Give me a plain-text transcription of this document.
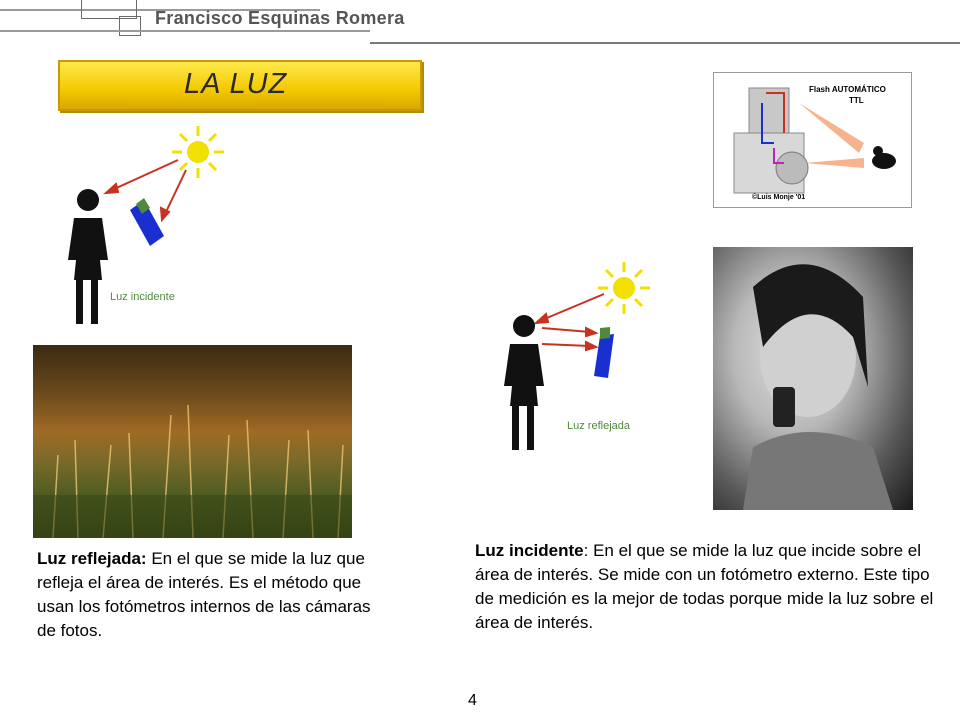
Francisco Esquinas Romera
LA LUZ
Luz incidente
Flash AUTOMÁTICO
TTL
©Luis Monje '01
Luz reflejada
Luz reflejada: En el que se mide la luz que refleja el área de interés. Es el método que usan los fotómetros internos de las cámaras de fotos.
Luz incidente: En el que se mide la luz que incide sobre el área de interés. Se mide con un fotómetro externo. Este tipo de medición es la mejor de todas porque mide la luz sobre el área de interés.
4
